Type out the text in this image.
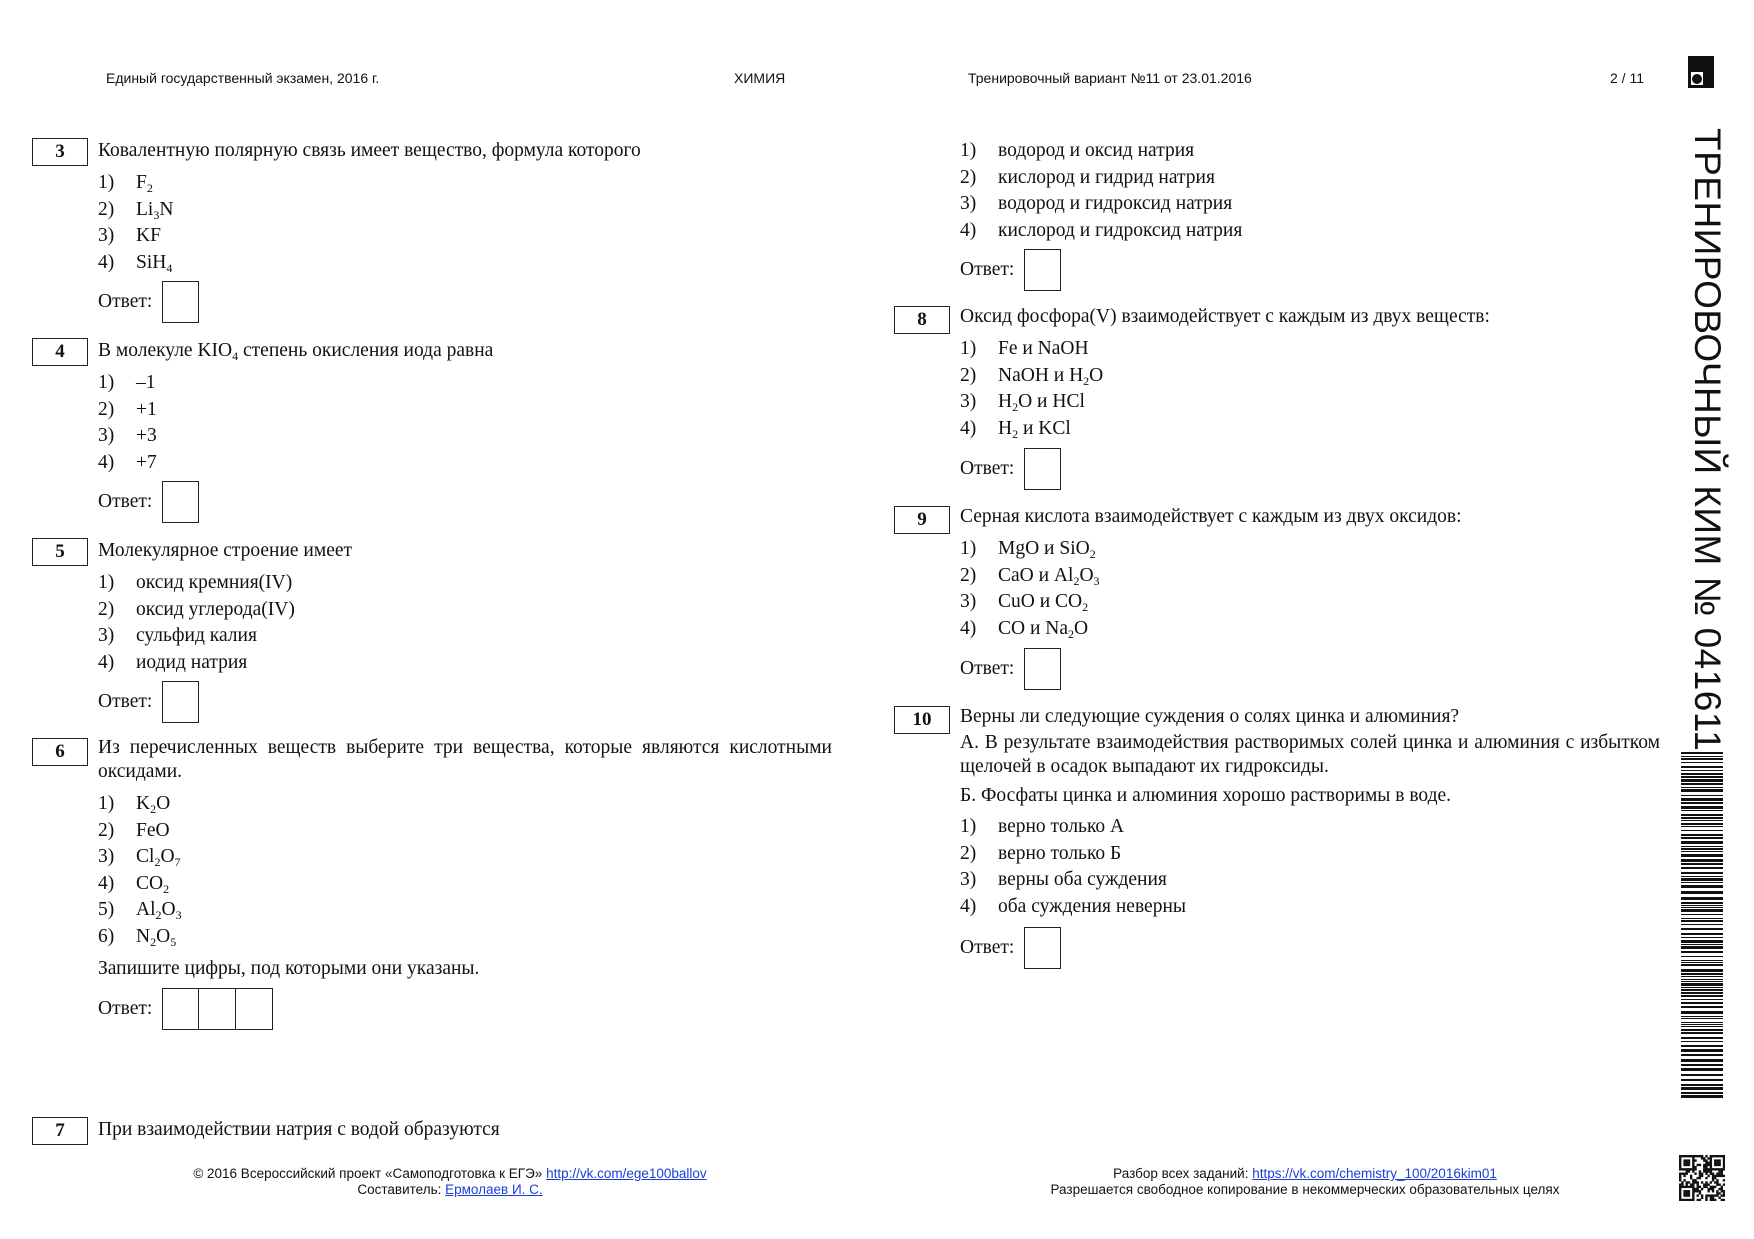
Единый государственный экзамен, 2016 г.	ХИМИЯ	Тренировочный вариант №11 от 23.01.2016	2 / 11
ТРЕНИРОВОЧНЫЙ КИМ № 041611
3	Ковалентную полярную связь имеет вещество, формула которого
1) $F_2$
2) $Li_3N$
3) KF
4) SiH$_4$
Ответ:
4	В молекуле $KIO_4$ степень окисления иода равна
1) –1
2) +1
3) +3
4) +7
Ответ:
5	Молекулярное строение имеет
1) оксид кремния(IV)
2) оксид углерода(IV)
3) сульфид калия
4) иодид натрия
Ответ:
6	Из перечисленных веществ выберите три вещества, которые являются кислотными оксидами.
1) $K_2O$
2) FeO
3) $Cl_2O_7$
4) $CO_2$
5) $Al_2O_3$
6) $N_2O_5$
Запишите цифры, под которыми они указаны.
Ответ:
7	При взаимодействии натрия с водой образуются
1) водород и оксид натрия
2) кислород и гидрид натрия
3) водород и гидроксид натрия
4) кислород и гидроксид натрия
Ответ:
8	Оксид фосфора(V) взаимодействует с каждым из двух веществ:
1) Fe и NaOH
2) NaOH и $H_2O$
3) $H_2O$ и HCl
4) $H_2$ и KCl
Ответ:
9	Серная кислота взаимодействует с каждым из двух оксидов:
1) MgO и SiO$_2$
2) CaO и $Al_2O_3$
3) CuO и $CO_2$
4) CO и $Na_2O$
Ответ:
10	Верны ли следующие суждения о солях цинка и алюминия?
А. В результате взаимодействия растворимых солей цинка и алюминия с избытком щелочей в осадок выпадают их гидроксиды.
Б. Фосфаты цинка и алюминия хорошо растворимы в воде.
1) верно только А
2) верно только Б
3) верны оба суждения
4) оба суждения неверны
Ответ:
© 2016 Всероссийский проект «Самоподготовка к ЕГЭ» http://vk.com/ege100ballov
Составитель: Ермолаев И. С.
Разбор всех заданий: https://vk.com/chemistry_100/2016kim01
Разрешается свободное копирование в некоммерческих образовательных целях
